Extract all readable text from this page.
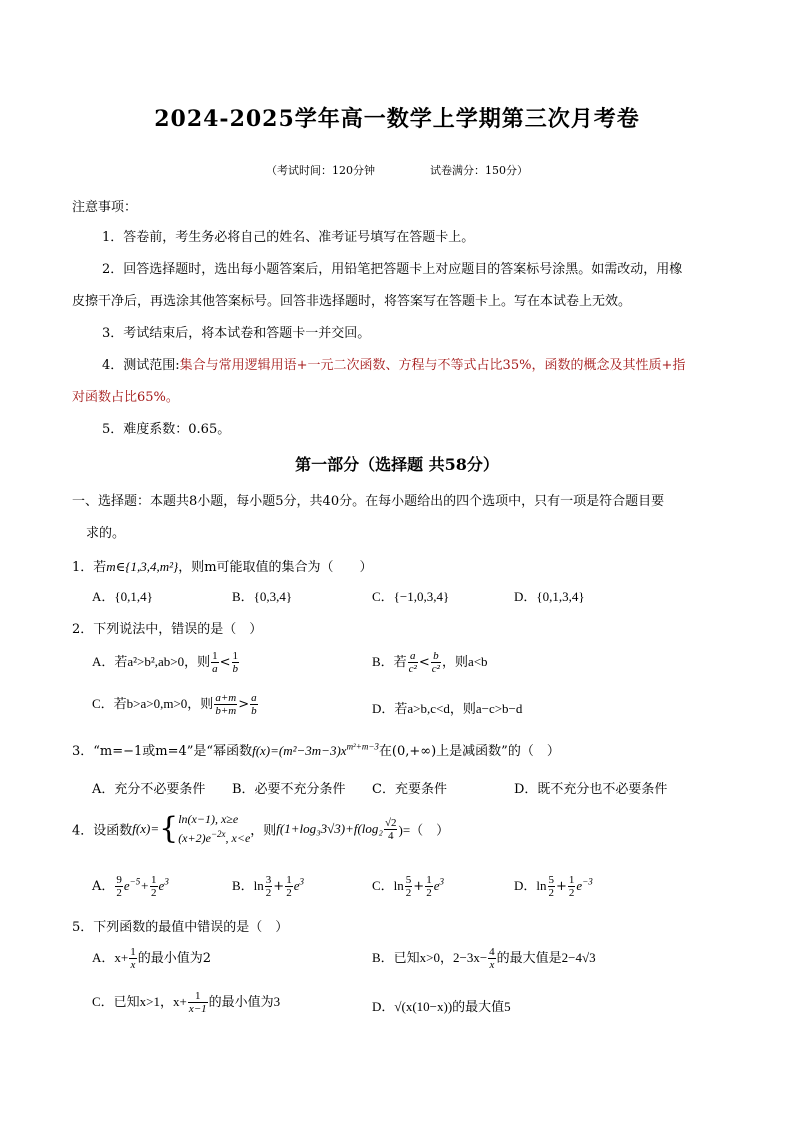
2024-2025学年高一数学上学期第三次月考卷
（考试时间：120分钟	试卷满分：150分）
注意事项：
1．答卷前，考生务必将自己的姓名、准考证号填写在答题卡上。
2．回答选择题时，选出每小题答案后，用铅笔把答题卡上对应题目的答案标号涂黑。如需改动，用橡
皮擦干净后，再选涂其他答案标号。回答非选择题时，将答案写在答题卡上。写在本试卷上无效。
3．考试结束后，将本试卷和答题卡一并交回。
4．测试范围:集合与常用逻辑用语+一元二次函数、方程与不等式占比35%，函数的概念及其性质+指
对函数占比65%。
5．难度系数：0.65。
第一部分（选择题 共58分）
一、选择题：本题共8小题，每小题5分，共40分。在每小题给出的四个选项中，只有一项是符合题目要
求的。
1．若m∈{1,3,4,m²}，则m可能取值的集合为（　　）
A．{0,1,4}	B．{0,3,4}	C．{−1,0,3,4}	D．{0,1,3,4}
2．下列说法中，错误的是（　）
A．若a²>b²,ab>0，则 $\frac{1}{a} < \frac{1}{b}$	B．若 $\frac{a}{\text{c²}} < \frac{b}{\text{c²}}$ ，则a<b
C．若b>a>0,m>0，则 $\frac{a+m}{b+m} > \frac{a}{b}$	D．若a>b,c<d，则a−c>b−d
3．“m=−1或m=4”是“幂函数$f(x)=(m^2-3m-3)x^{m^2+m-3}$在(0,+∞)上是减函数”的（　）
A．充分不必要条件 B．必要不充分条件 C．充要条件	D．既不充分也不必要条件
4．设函数f(x)={ ln(x−1), x≥e
$(x+2)e^{-2x}$, x<e ，则$f(1+\log_33√3)+f(\log_2 \frac{√2}{4}$ )=（　）
A． $\frac{9}{2} e^{-5}+ \frac{1}{2} e^3$	B．$\ln \frac{3}{2} + \frac{1}{2} e^3$	C．$\ln \frac{5}{2} + \frac{1}{2} e^3$	D．$\ln \frac{5}{2} + \frac{1}{2} e^{-3}$
5．下列函数的最值中错误的是（　）
A．$x+ \frac{1}{x}$ 的最小值为2	B．已知x>0，$2-3x- \frac{4}{x}$ 的最大值是2−4√3
C．已知x>1，$x+ \frac{1}{x-1}$ 的最小值为3	D．√(x(10−x))的最大值5
